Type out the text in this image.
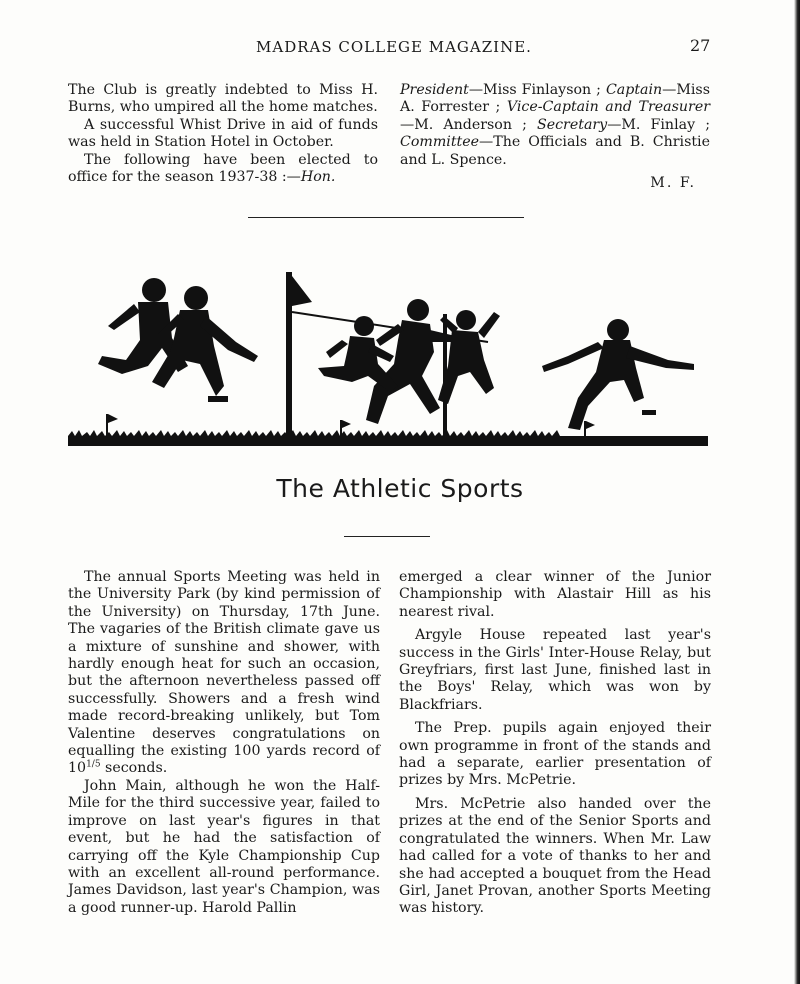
MADRAS COLLEGE MAGAZINE.	27

The Club is greatly indebted to Miss H. Burns, who umpired all the home matches.

A successful Whist Drive in aid of funds was held in Station Hotel in October.

The following have been elected to office for the season 1937-38 :—Hon.

President—Miss Finlayson ; Captain—Miss A. Forrester ; Vice-Captain and Treasurer—M. Anderson ; Secretary—M. Finlay ; Committee—The Officials and B. Christie and L. Spence.

M. F.
The Athletic Sports

The annual Sports Meeting was held in the University Park (by kind permission of the University) on Thursday, 17th June. The vagaries of the British climate gave us a mixture of sunshine and shower, with hardly enough heat for such an occasion, but the afternoon nevertheless passed off successfully. Showers and a fresh wind made record-breaking unlikely, but Tom Valentine deserves congratulations on equalling the existing 100 yards record of $10^{1/5}$ seconds.

John Main, although he won the Half-Mile for the third successive year, failed to improve on last year's figures in that event, but he had the satisfaction of carrying off the Kyle Championship Cup with an excellent all-round performance. James Davidson, last year's Champion, was a good runner-up. Harold Pallin

emerged a clear winner of the Junior Championship with Alastair Hill as his nearest rival.

Argyle House repeated last year's success in the Girls' Inter-House Relay, but Greyfriars, first last June, finished last in the Boys' Relay, which was won by Blackfriars.

The Prep. pupils again enjoyed their own programme in front of the stands and had a separate, earlier presentation of prizes by Mrs. McPetrie.

Mrs. McPetrie also handed over the prizes at the end of the Senior Sports and congratulated the winners. When Mr. Law had called for a vote of thanks to her and she had accepted a bouquet from the Head Girl, Janet Provan, another Sports Meeting was history.
